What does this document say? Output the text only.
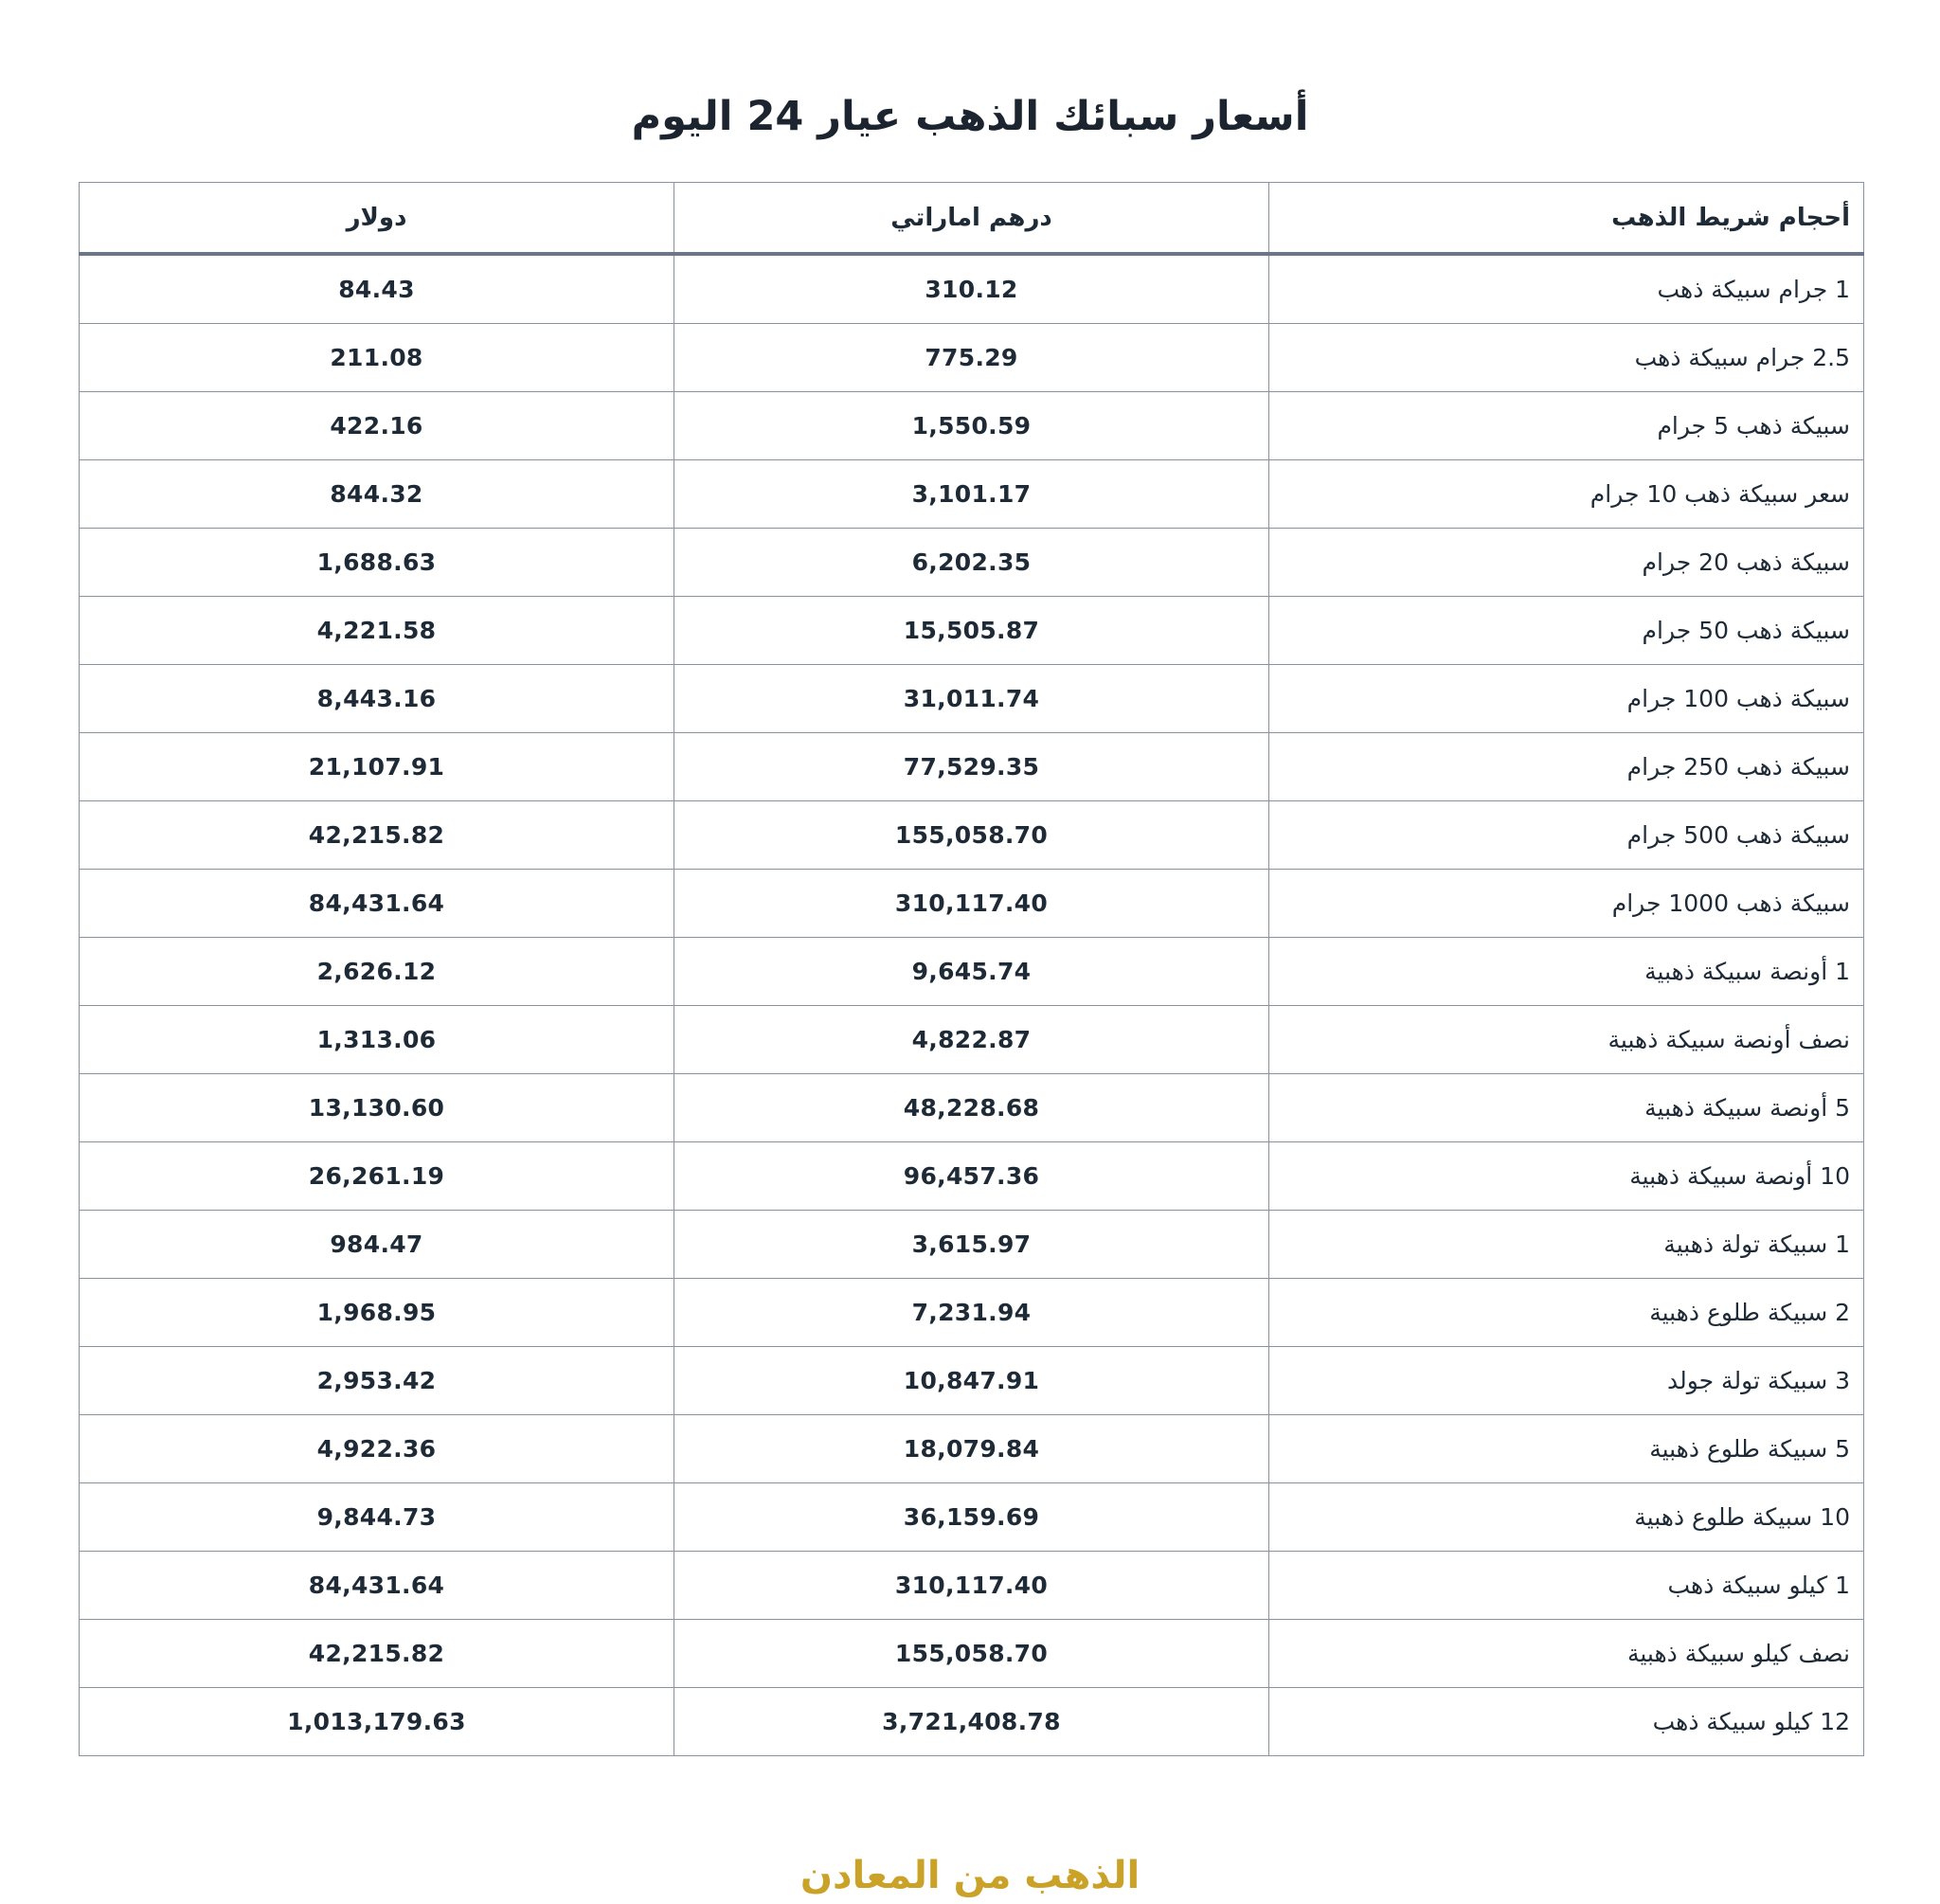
أسعار سبائك الذهب عيار 24 اليوم
أحجام شريط الذهب	درهم اماراتي	دولار
1 جرام سبيكة ذهب	310.12	84.43
2.5 جرام سبيكة ذهب	775.29	211.08
سبيكة ذهب 5 جرام	1,550.59	422.16
سعر سبيكة ذهب 10 جرام	3,101.17	844.32
سبيكة ذهب 20 جرام	6,202.35	1,688.63
سبيكة ذهب 50 جرام	15,505.87	4,221.58
سبيكة ذهب 100 جرام	31,011.74	8,443.16
سبيكة ذهب 250 جرام	77,529.35	21,107.91
سبيكة ذهب 500 جرام	155,058.70	42,215.82
سبيكة ذهب 1000 جرام	310,117.40	84,431.64
1 أونصة سبيكة ذهبية	9,645.74	2,626.12
نصف أونصة سبيكة ذهبية	4,822.87	1,313.06
5 أونصة سبيكة ذهبية	48,228.68	13,130.60
10 أونصة سبيكة ذهبية	96,457.36	26,261.19
1 سبيكة تولة ذهبية	3,615.97	984.47
2 سبيكة طلوع ذهبية	7,231.94	1,968.95
3 سبيكة تولة جولد	10,847.91	2,953.42
5 سبيكة طلوع ذهبية	18,079.84	4,922.36
10 سبيكة طلوع ذهبية	36,159.69	9,844.73
1 كيلو سبيكة ذهب	310,117.40	84,431.64
نصف كيلو سبيكة ذهبية	155,058.70	42,215.82
12 كيلو سبيكة ذهب	3,721,408.78	1,013,179.63
الذهب من المعادن
